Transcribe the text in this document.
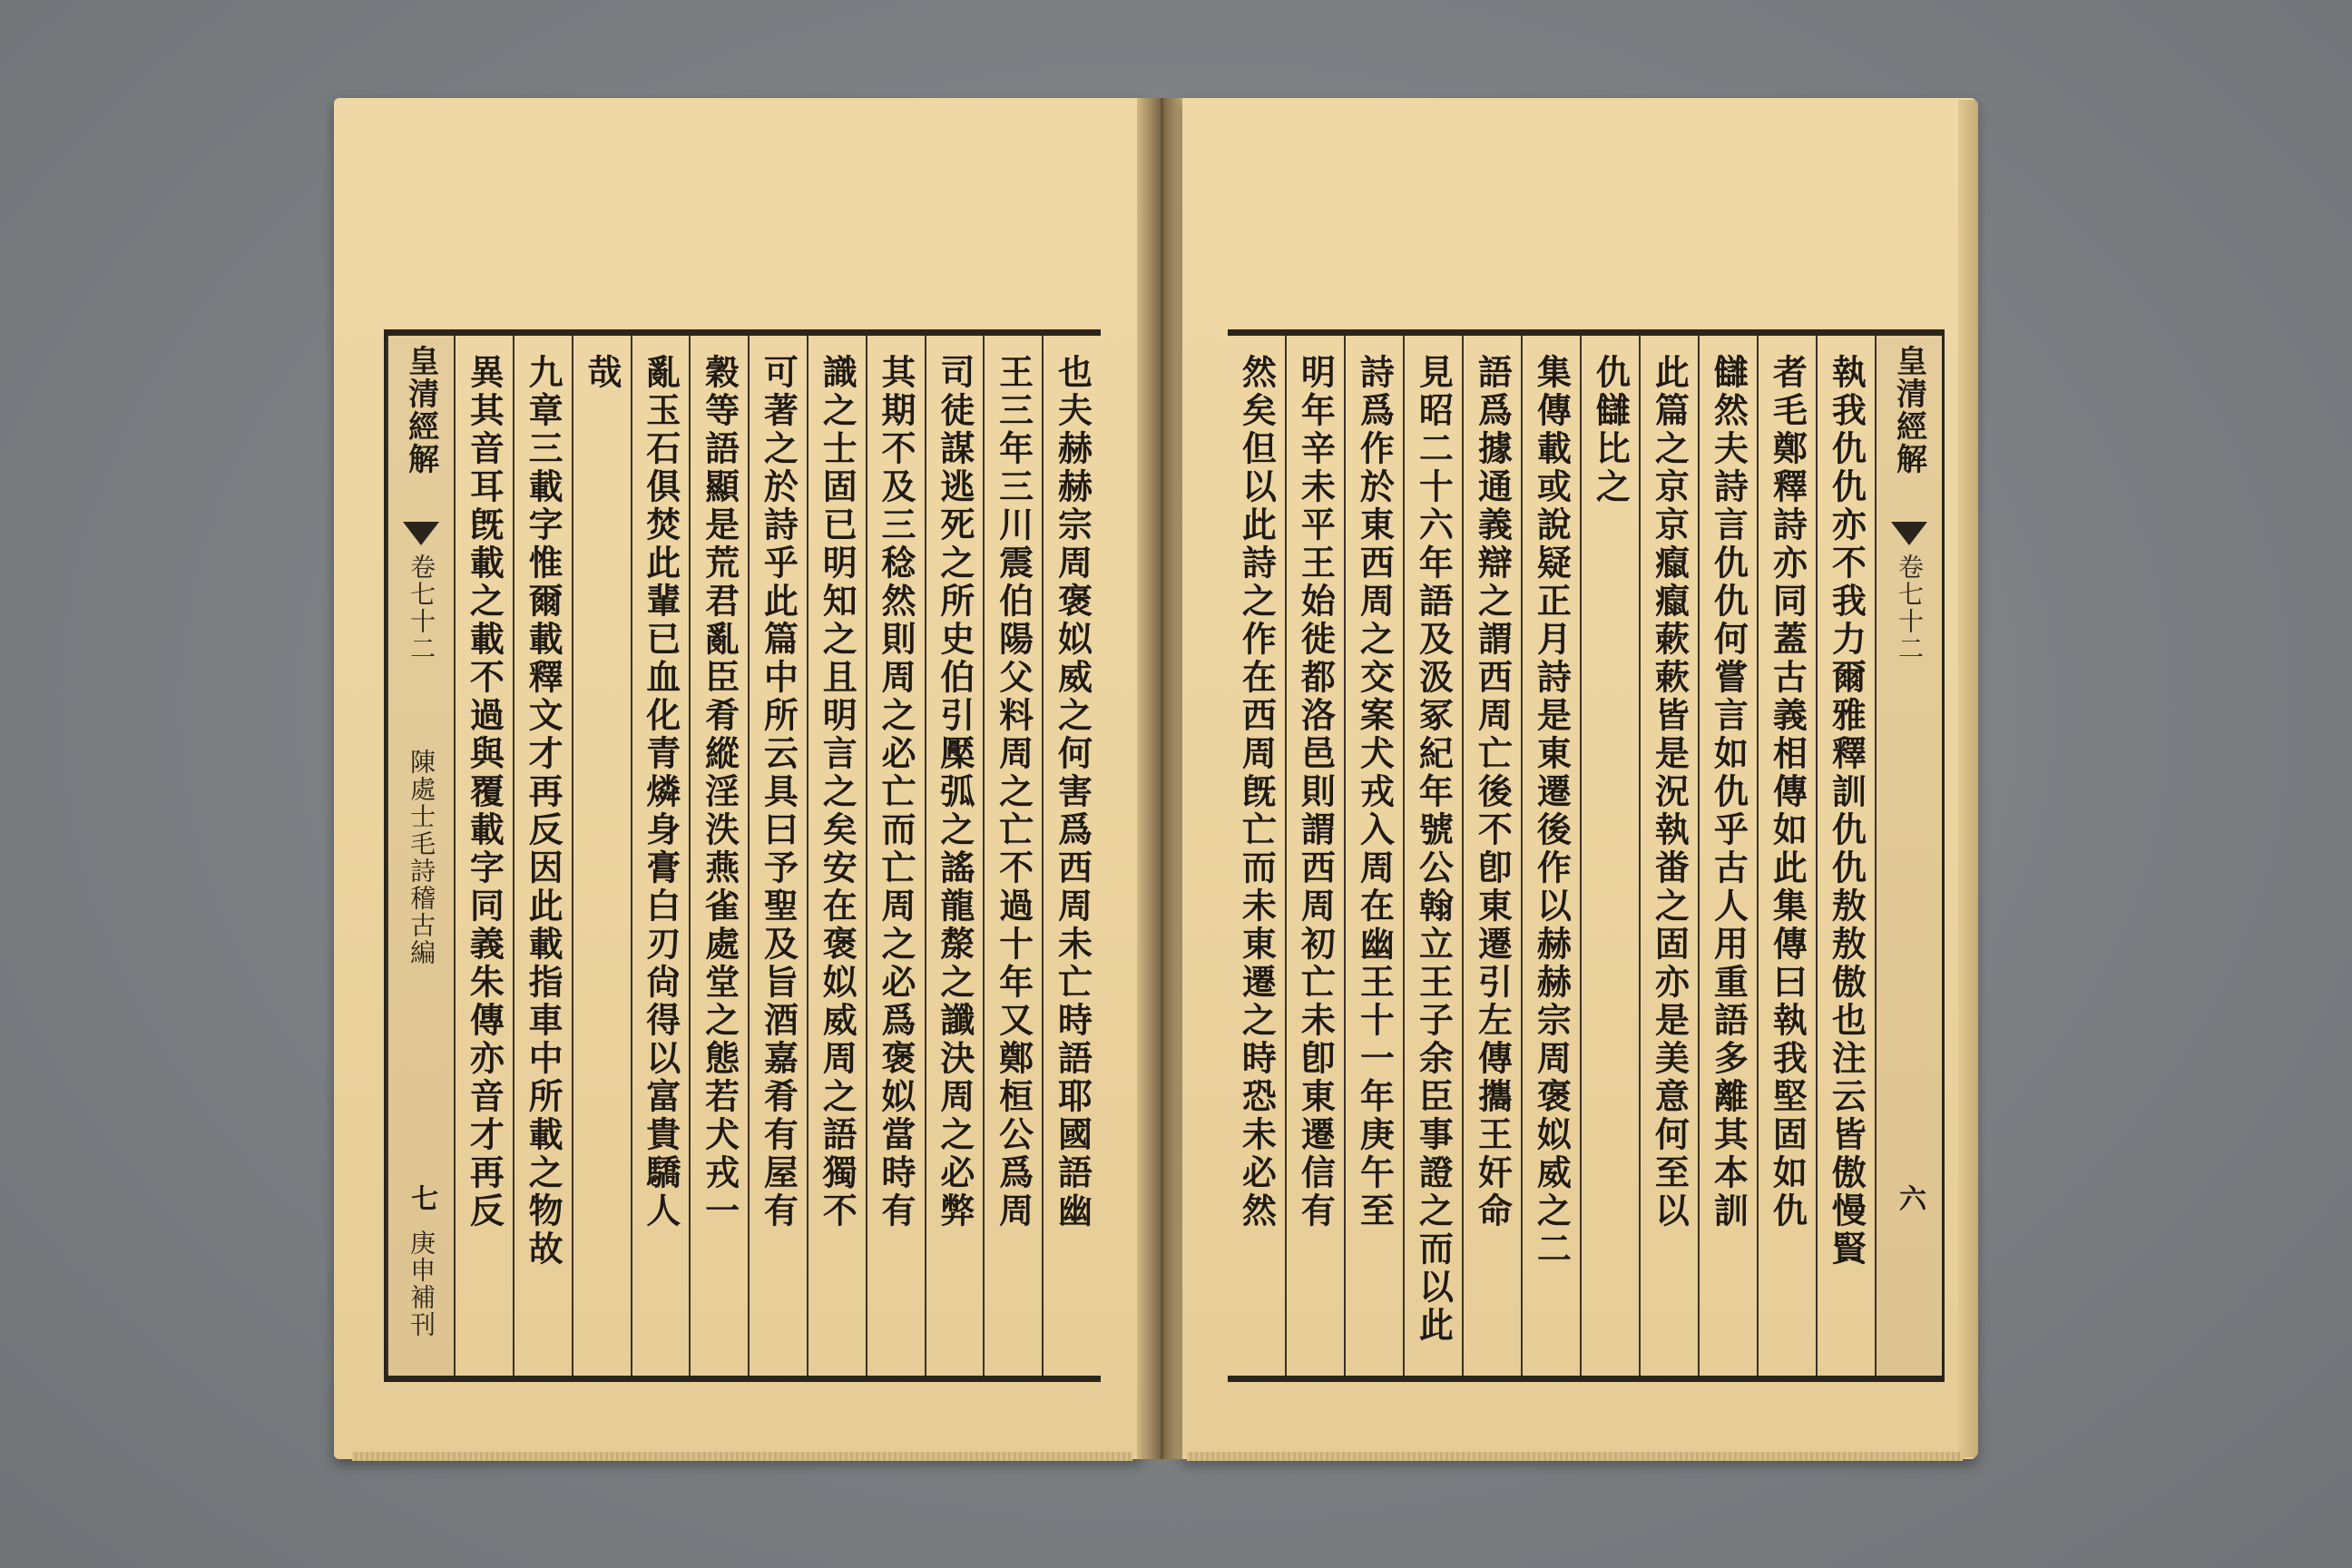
也夫赫赫宗周褒姒威之何害爲西周未亡時語耶國語幽
王三年三川震伯陽父料周之亡不過十年又鄭桓公爲周
司徒謀逃死之所史伯引檿弧之謠龍漦之讖決周之必弊
其期不及三稔然則周之必亡而亡周之必爲褒姒當時有
識之士固已明知之且明言之矣安在褒姒威周之語獨不
可著之於詩乎此篇中所云具曰予聖及旨酒嘉肴有屋有
穀等語顯是荒君亂臣肴縱淫泆燕雀處堂之態若犬戎一
亂玉石俱焚此輩已血化青燐身膏白刃尙得以富貴驕人
哉
九章三載字惟爾載釋文才再反因此載指車中所載之物故
異其音耳旣載之載不過與覆載字同義朱傳亦音才再反
皇清經解
卷七十二
陳處士毛詩稽古編
七
庚申補刊
皇清經解
卷七十二
六
執我仇仇亦不我力爾雅釋訓仇仇敖敖傲也注云皆傲慢賢
者毛鄭釋詩亦同蓋古義相傳如此集傳曰執我堅固如仇
讎然夫詩言仇仇何嘗言如仇乎古人用重語多離其本訓
此篇之京京癙癙蔌蔌皆是況執畨之固亦是美意何至以
仇讎比之
集傳載或說疑正月詩是東遷後作以赫赫宗周褒姒威之二
語爲據通義辯之謂西周亡後不卽東遷引左傳攜王奸命
見昭二十六年語及汲冢紀年號公翰立王子余臣事證之而以此
詩爲作於東西周之交案犬戎入周在幽王十一年庚午至
明年辛未平王始徙都洛邑則謂西周初亡未卽東遷信有
然矣但以此詩之作在西周旣亡而未東遷之時恐未必然
